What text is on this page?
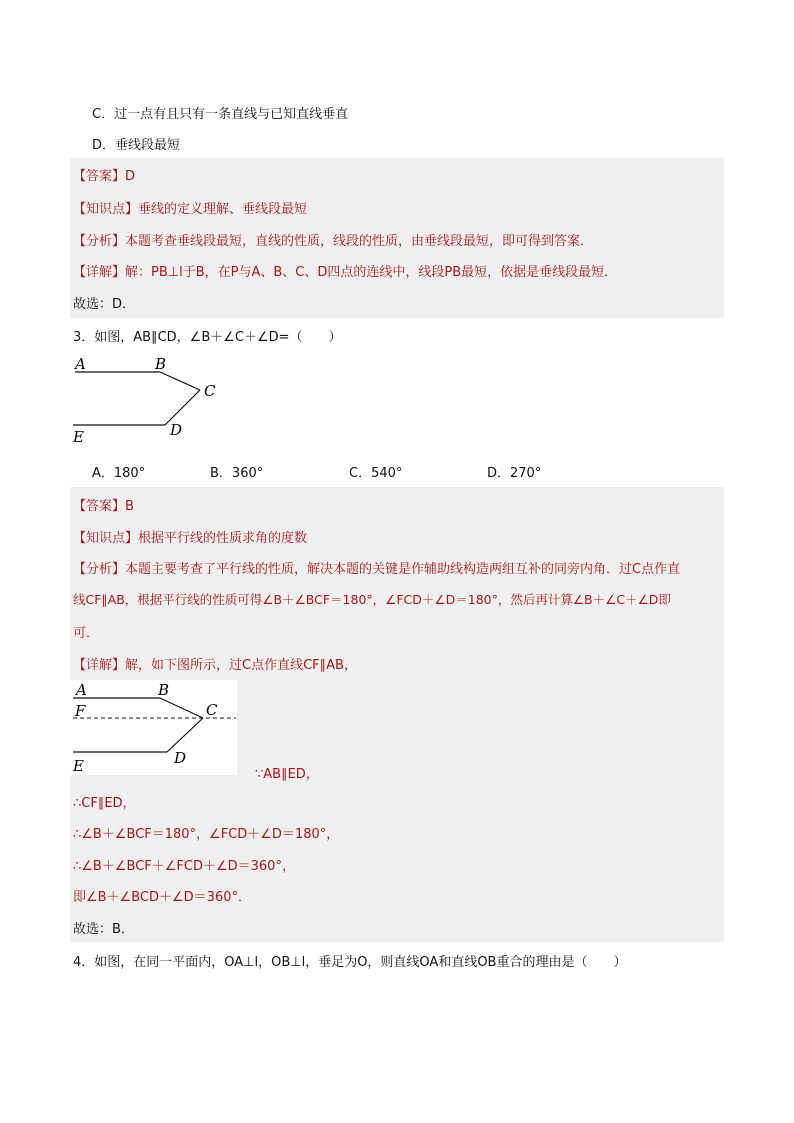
C．过一点有且只有一条直线与已知直线垂直
D．垂线段最短
【答案】D
【知识点】垂线的定义理解、垂线段最短
【分析】本题考查垂线段最短，直线的性质，线段的性质，由垂线段最短，即可得到答案．
【详解】解：PB⊥l于B，在P与A、B、C、D四点的连线中，线段PB最短，依据是垂线段最短．
故选：D．
3．如图，AB∥CD，∠B＋∠C＋∠D=（　　）
A	B
C
D
E
A．180°	B．360°	C．540°	D．270°
【答案】B
【知识点】根据平行线的性质求角的度数
【分析】本题主要考查了平行线的性质，解决本题的关键是作辅助线构造两组互补的同旁内角．过C点作直
线CF∥AB，根据平行线的性质可得∠B＋∠BCF＝180°，∠FCD＋∠D＝180°，然后再计算∠B＋∠C＋∠D即
可．
【详解】解，如下图所示，过C点作直线CF∥AB，
A	B
F	C
D
E	∵AB∥ED，
∴CF∥ED，
∴∠B＋∠BCF＝180°，∠FCD＋∠D＝180°，
∴∠B＋∠BCF＋∠FCD＋∠D＝360°，
即∠B＋∠BCD＋∠D＝360°．
故选：B．
4．如图，在同一平面内，OA⊥l，OB⊥l，垂足为O，则直线OA和直线OB重合的理由是（　　）
